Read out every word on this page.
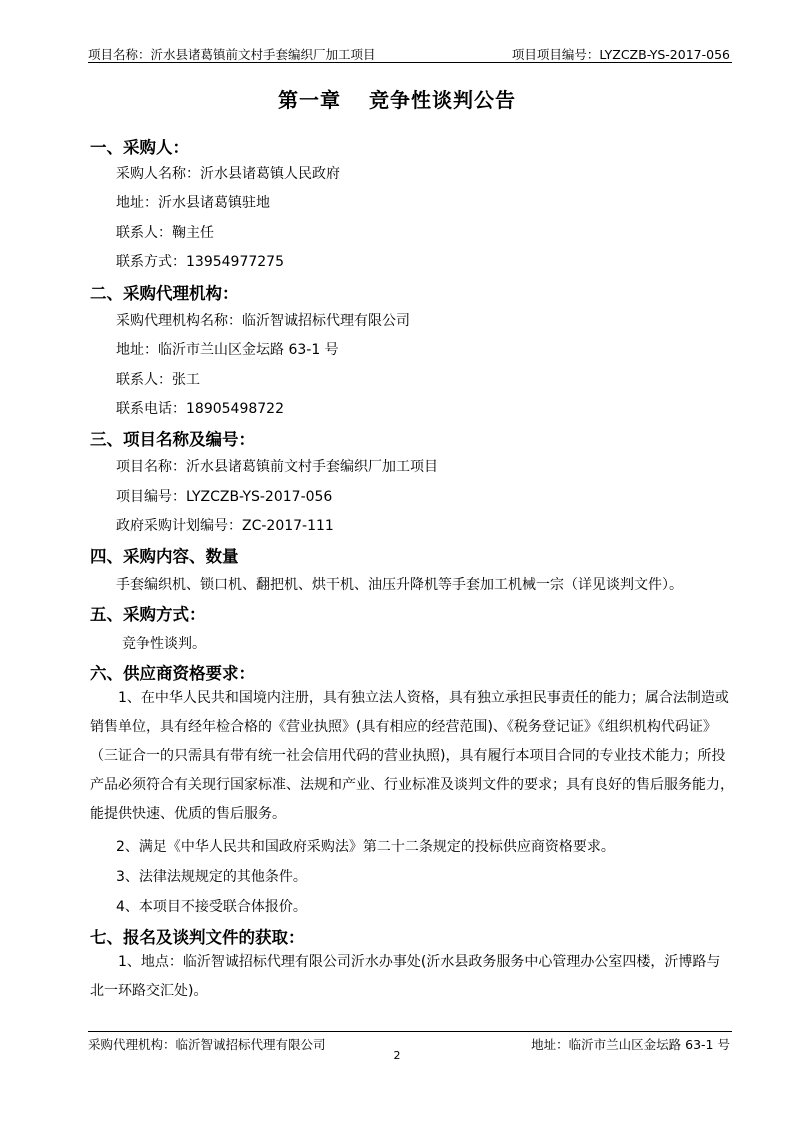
项目名称：沂水县诸葛镇前文村手套编织厂加工项目	项目项目编号：LYZCZB-YS-2017-056
第一章 竞争性谈判公告
一、采购人：
采购人名称：沂水县诸葛镇人民政府
地址：沂水县诸葛镇驻地
联系人：鞠主任
联系方式：13954977275
二、采购代理机构：
采购代理机构名称：临沂智诚招标代理有限公司
地址：临沂市兰山区金坛路 63-1 号
联系人：张工
联系电话：18905498722
三、项目名称及编号：
项目名称：沂水县诸葛镇前文村手套编织厂加工项目
项目编号：LYZCZB-YS-2017-056
政府采购计划编号：ZC-2017-111
四、采购内容、数量
手套编织机、锁口机、翻把机、烘干机、油压升降机等手套加工机械一宗（详见谈判文件）。
五、采购方式：
竞争性谈判。
六、供应商资格要求：
1、在中华人民共和国境内注册，具有独立法人资格，具有独立承担民事责任的能力；属合法制造或销售单位，具有经年检合格的《营业执照》(具有相应的经营范围)、《税务登记证》《组织机构代码证》（三证合一的只需具有带有统一社会信用代码的营业执照)，具有履行本项目合同的专业技术能力；所投产品必须符合有关现行国家标准、法规和产业、行业标准及谈判文件的要求；具有良好的售后服务能力，能提供快速、优质的售后服务。
2、满足《中华人民共和国政府采购法》第二十二条规定的投标供应商资格要求。
3、法律法规规定的其他条件。
4、本项目不接受联合体报价。
七、报名及谈判文件的获取：
1、地点：临沂智诚招标代理有限公司沂水办事处(沂水县政务服务中心管理办公室四楼，沂博路与北一环路交汇处)。
采购代理机构：临沂智诚招标代理有限公司	地址：临沂市兰山区金坛路 63-1 号
2
